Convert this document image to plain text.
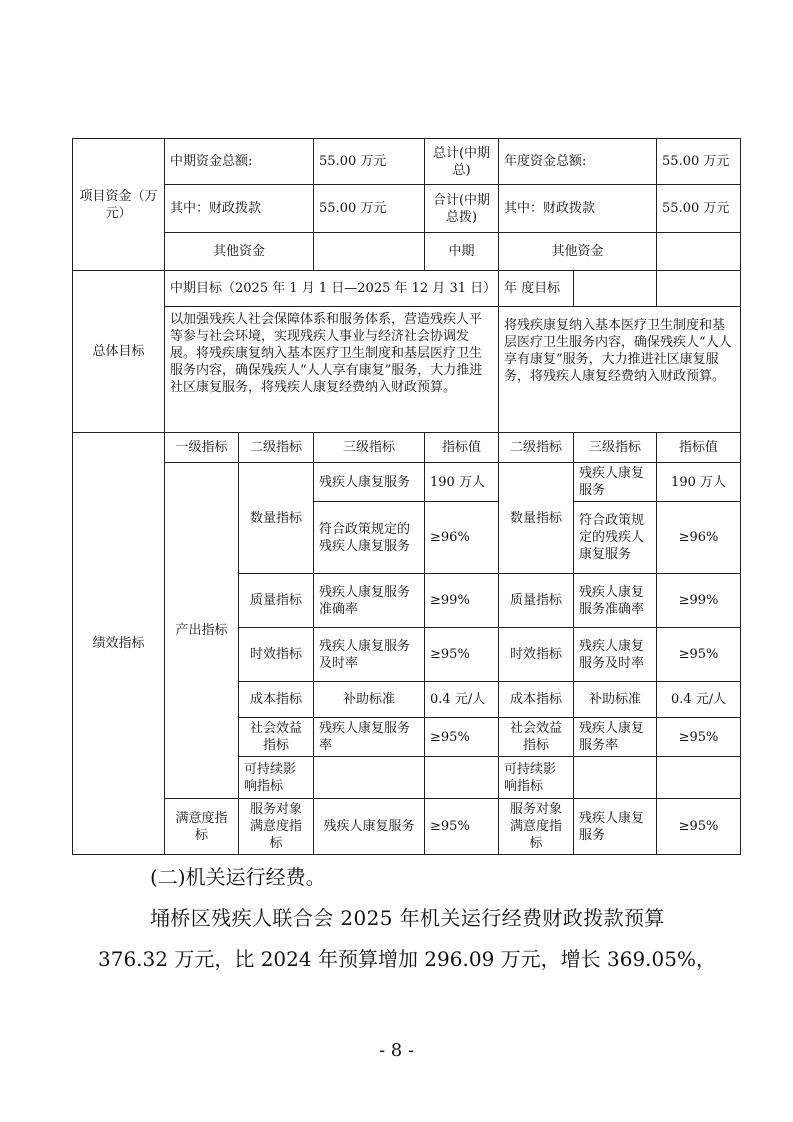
项目资金（万元）	中期资金总额:		55.00 万元	总计(中期总)	年度资金总额:		55.00 万元
	其中：财政拨款		55.00 万元	合计(中期总拨)	其中：财政拨款		55.00 万元
	其他资金			中期	其他资金		
总体目标	中期目标（2025 年 1 月 1 日—2025 年 12 月 31 日）				年 度目标		
	以加强残疾人社会保障体系和服务体系，营造残疾人平等参与社会环境，实现残疾人事业与经济社会协调发展。将残疾康复纳入基本医疗卫生制度和基层医疗卫生服务内容，确保残疾人“人人享有康复”服务，大力推进社区康复服务，将残疾人康复经费纳入财政预算。				将残疾康复纳入基本医疗卫生制度和基层医疗卫生服务内容，确保残疾人“人人享有康复”服务，大力推进社区康复服务，将残疾人康复经费纳入财政预算。		
绩效指标	一级指标	二级指标	三级指标	指标值	二级指标	三级指标	指标值
	产出指标	数量指标	残疾人康复服务	190 万人	数量指标	残疾人康复服务	190 万人
			符合政策规定的残疾人康复服务	≥96%		符合政策规定的残疾人康复服务	≥96%
		质量指标	残疾人康复服务准确率	≥99%	质量指标	残疾人康复服务准确率	≥99%
		时效指标	残疾人康复服务及时率	≥95%	时效指标	残疾人康复服务及时率	≥95%
		成本指标	补助标准	0.4 元/人	成本指标	补助标准	0.4 元/人
		社会效益指标	残疾人康复服务率	≥95%	社会效益指标	残疾人康复服务率	≥95%
		可持续影响指标			可持续影响指标		
	满意度指标	服务对象满意度指标	残疾人康复服务	≥95%	服务对象满意度指标	残疾人康复服务	≥95%
(二)机关运行经费。
埇桥区残疾人联合会 2025 年机关运行经费财政拨款预算
376.32 万元，比 2024 年预算增加 296.09 万元，增长 369.05%，
- 8 -
